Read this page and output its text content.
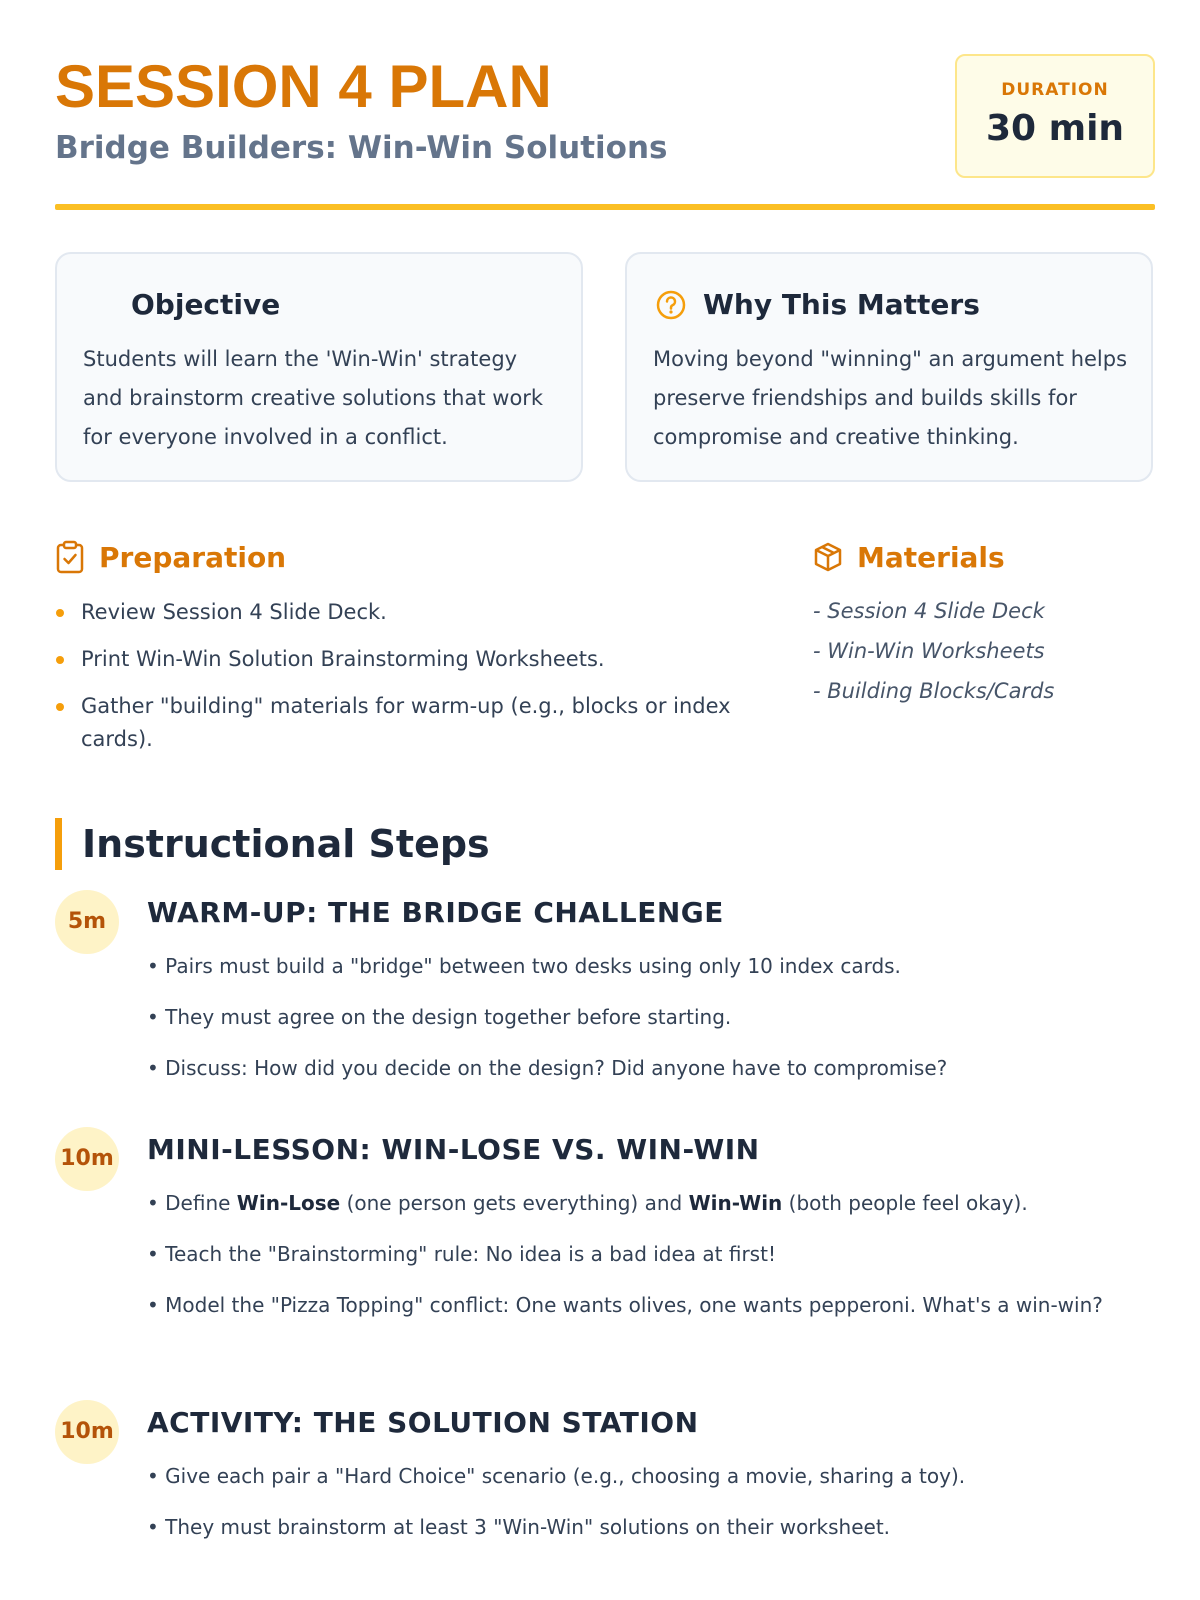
SESSION 4 PLAN
Bridge Builders: Win-Win Solutions
DURATION
30 min
Objective
Students will learn the 'Win-Win' strategy and brainstorm creative solutions that work for everyone involved in a conflict.
Why This Matters
Moving beyond "winning" an argument helps preserve friendships and builds skills for compromise and creative thinking.
Preparation
Review Session 4 Slide Deck.
Print Win-Win Solution Brainstorming Worksheets.
Gather "building" materials for warm-up (e.g., blocks or index cards).
Materials
- Session 4 Slide Deck
- Win-Win Worksheets
- Building Blocks/Cards
Instructional Steps
5m	WARM-UP: THE BRIDGE CHALLENGE

• Pairs must build a "bridge" between two desks using only 10 index cards.

• They must agree on the design together before starting.

• Discuss: How did you decide on the design? Did anyone have to compromise?

10m MINI-LESSON: WIN-LOSE VS. WIN-WIN

• Define Win-Lose (one person gets everything) and Win-Win (both people feel okay).

• Teach the "Brainstorming" rule: No idea is a bad idea at first!

• Model the "Pizza Topping" conflict: One wants olives, one wants pepperoni. What's a win-win?

10m ACTIVITY: THE SOLUTION STATION

• Give each pair a "Hard Choice" scenario (e.g., choosing a movie, sharing a toy).

• They must brainstorm at least 3 "Win-Win" solutions on their worksheet.
